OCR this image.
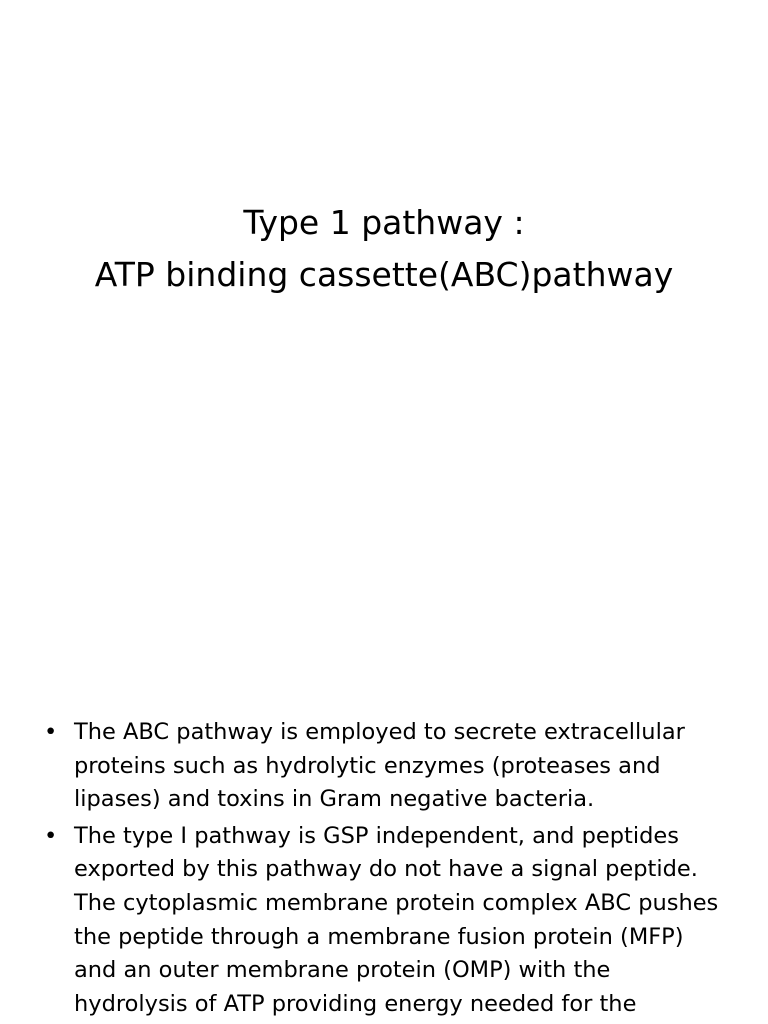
Type 1 pathway :
ATP binding cassette(ABC)pathway
• The ABC pathway is employed to secrete extracellular
proteins such as hydrolytic enzymes (proteases and
lipases) and toxins in Gram negative bacteria.
• The type I pathway is GSP independent, and peptides
exported by this pathway do not have a signal peptide.
The cytoplasmic membrane protein complex ABC pushes
the peptide through a membrane fusion protein (MFP)
and an outer membrane protein (OMP) with the
hydrolysis of ATP providing energy needed for the
